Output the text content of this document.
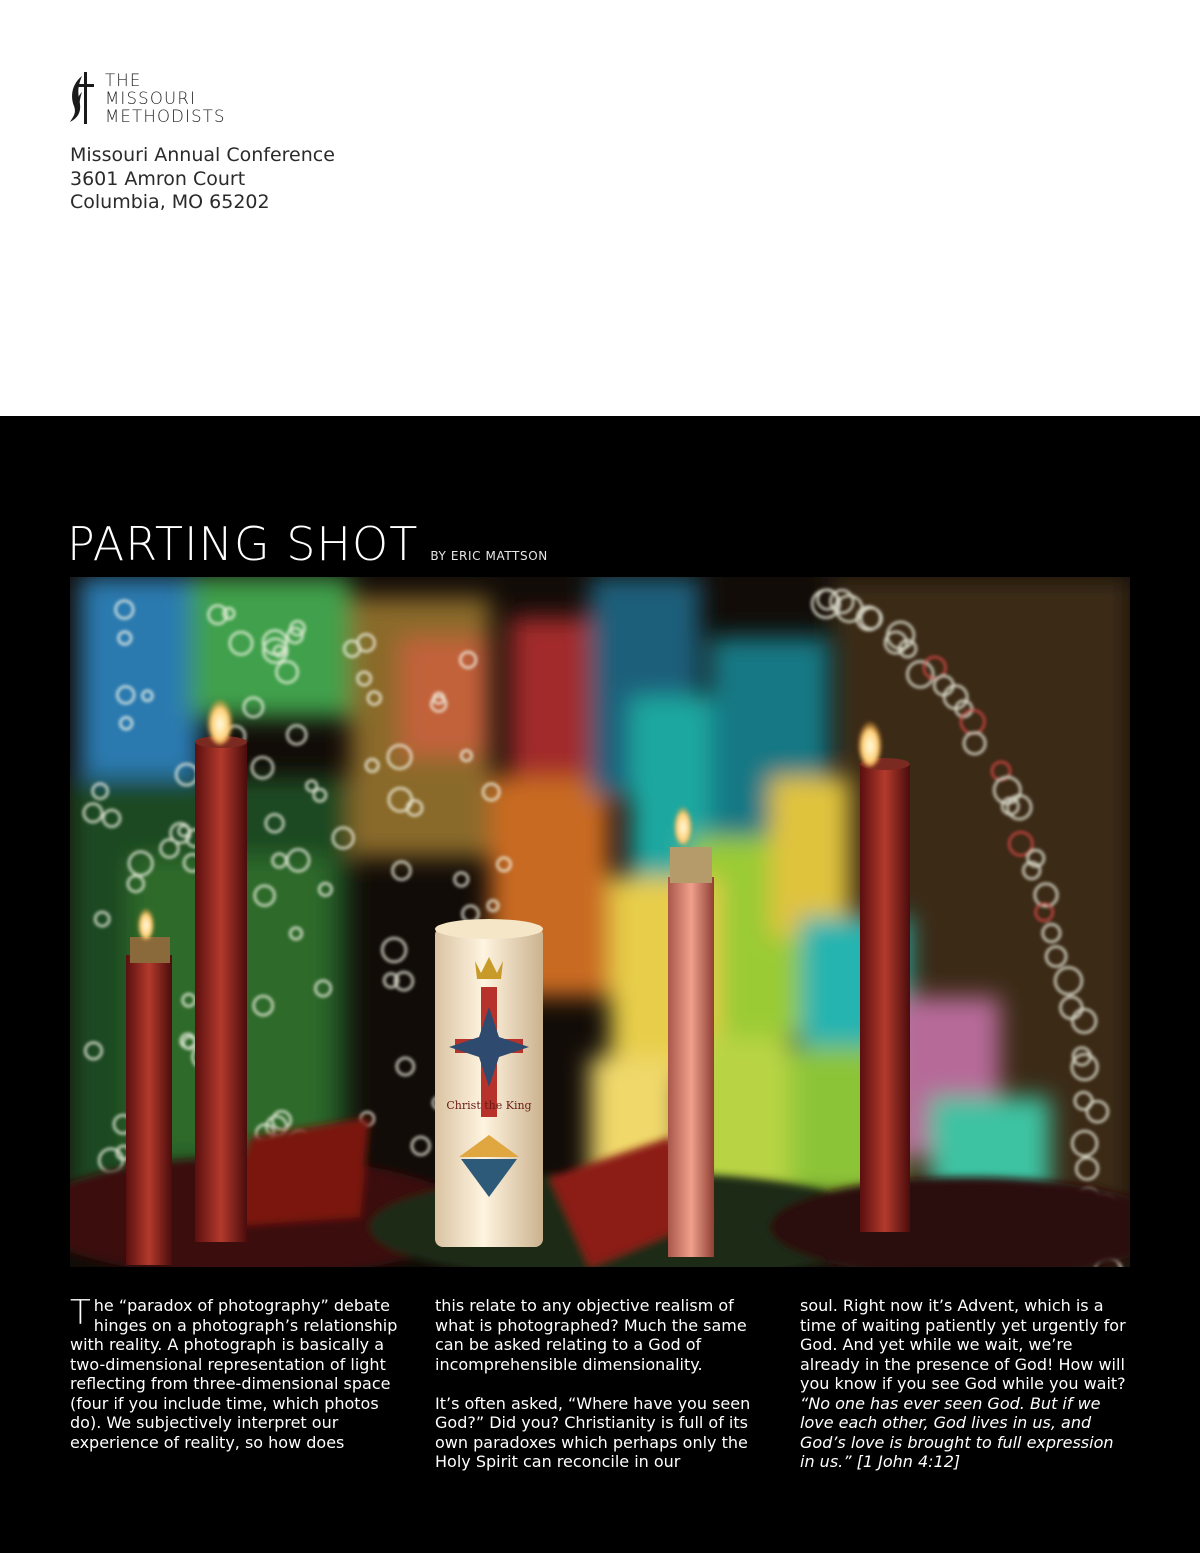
THE
MISSOURI
METHODISTS
Missouri Annual Conference
3601 Amron Court
Columbia, MO 65202
PARTING SHOT BY ERIC MATTSON
Christ the King
The “paradox of photography” debate hinges on a photograph’s relationship with reality. A photograph is basically a two-dimensional representation of light reflecting from three-dimensional space (four if you include time, which photos do). We subjectively interpret our experience of reality, so how does
this relate to any objective realism of what is photographed? Much the same can be asked relating to a God of incomprehensible dimensionality.
It’s often asked, “Where have you seen God?” Did you? Christianity is full of its own paradoxes which perhaps only the Holy Spirit can reconcile in our
soul. Right now it’s Advent, which is a time of waiting patiently yet urgently for God. And yet while we wait, we’re already in the presence of God! How will you know if you see God while you wait? “No one has ever seen God. But if we love each other, God lives in us, and God’s love is brought to full expression in us.” [1 John 4:12]
